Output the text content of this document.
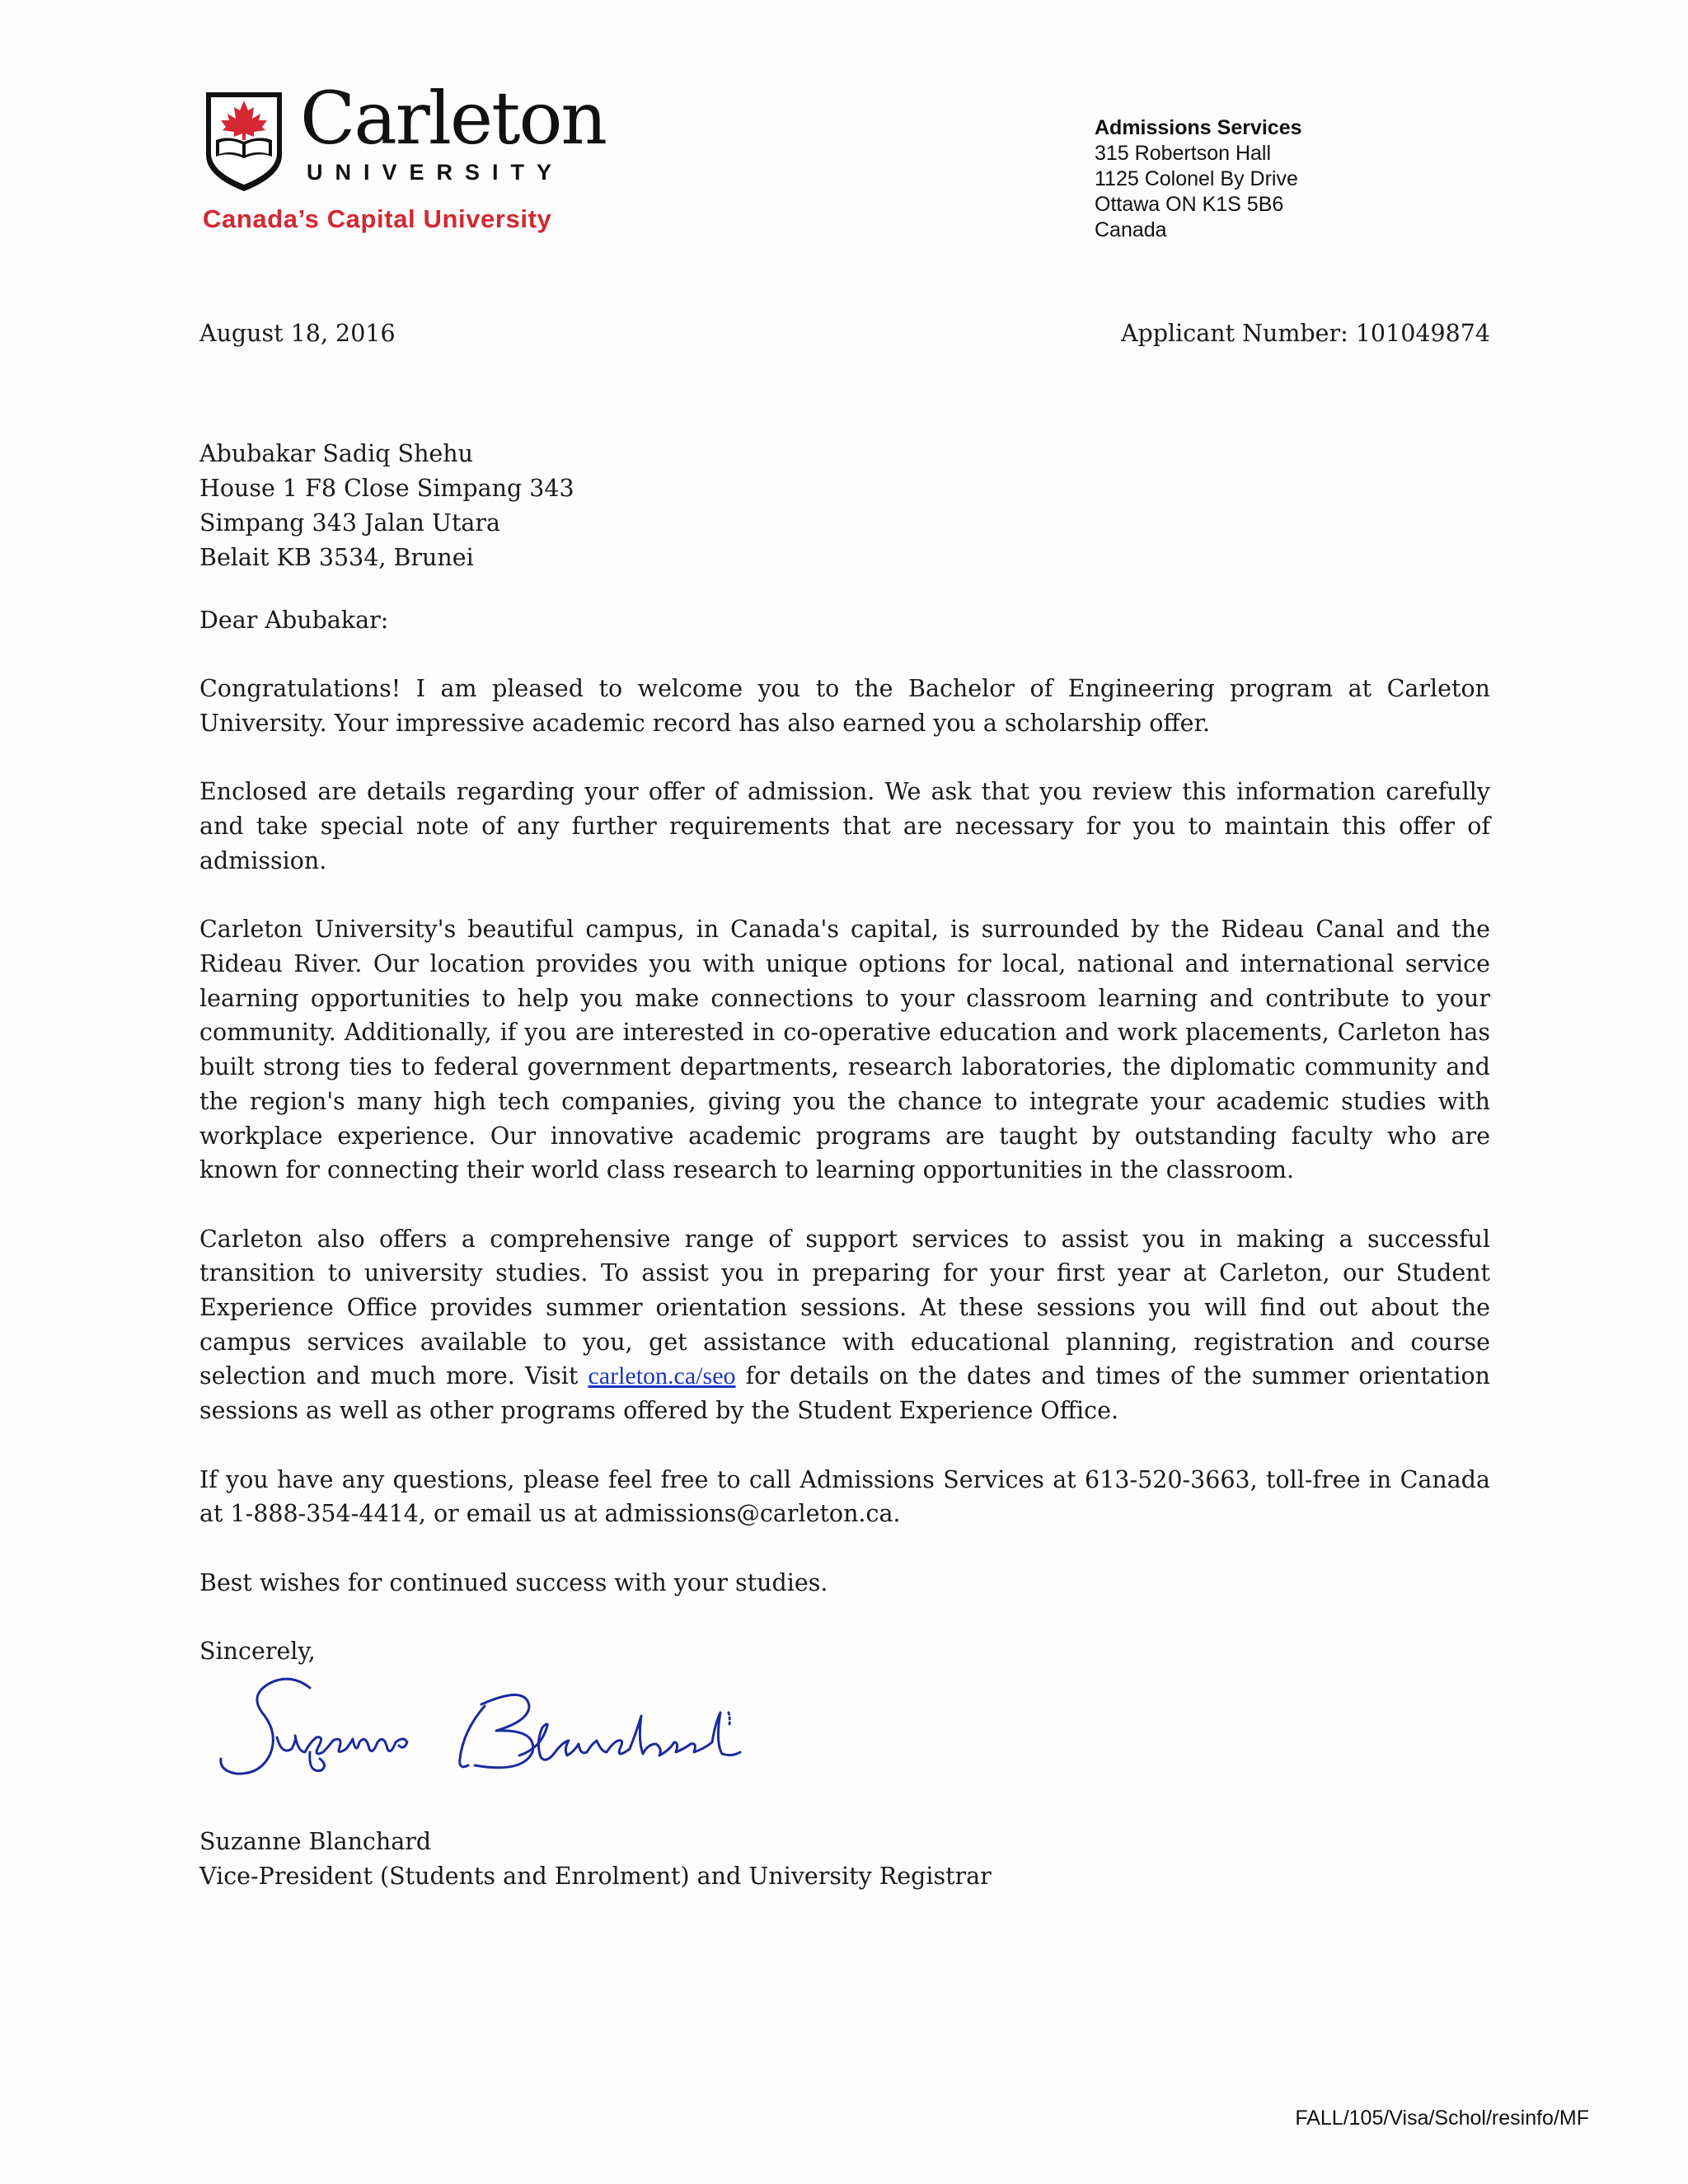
Carleton
UNIVERSITY
Canada’s Capital University
Admissions Services
315 Robertson Hall
1125 Colonel By Drive
Ottawa ON K1S 5B6
Canada
August 18, 2016	Applicant Number: 101049874
Abubakar Sadiq Shehu
House 1 F8 Close Simpang 343
Simpang 343 Jalan Utara
Belait KB 3534, Brunei

Dear Abubakar:

Congratulations! I am pleased to welcome you to the Bachelor of Engineering program at Carleton University. Your impressive academic record has also earned you a scholarship offer.

Enclosed are details regarding your offer of admission. We ask that you review this information carefully and take special note of any further requirements that are necessary for you to maintain this offer of admission.

Carleton University's beautiful campus, in Canada's capital, is surrounded by the Rideau Canal and the Rideau River. Our location provides you with unique options for local, national and international service learning opportunities to help you make connections to your classroom learning and contribute to your community. Additionally, if you are interested in co-operative education and work placements, Carleton has built strong ties to federal government departments, research laboratories, the diplomatic community and the region's many high tech companies, giving you the chance to integrate your academic studies with workplace experience. Our innovative academic programs are taught by outstanding faculty who are known for connecting their world class research to learning opportunities in the classroom.

Carleton also offers a comprehensive range of support services to assist you in making a successful transition to university studies. To assist you in preparing for your first year at Carleton, our Student Experience Office provides summer orientation sessions. At these sessions you will find out about the campus services available to you, get assistance with educational planning, registration and course selection and much more. Visit carleton.ca/seo for details on the dates and times of the summer orientation sessions as well as other programs offered by the Student Experience Office.

If you have any questions, please feel free to call Admissions Services at 613-520-3663, toll-free in Canada at 1-888-354-4414, or email us at admissions@carleton.ca.

Best wishes for continued success with your studies.

Sincerely,

Suzanne Blanchard
Vice-President (Students and Enrolment) and University Registrar
FALL/105/Visa/Schol/resinfo/MF
